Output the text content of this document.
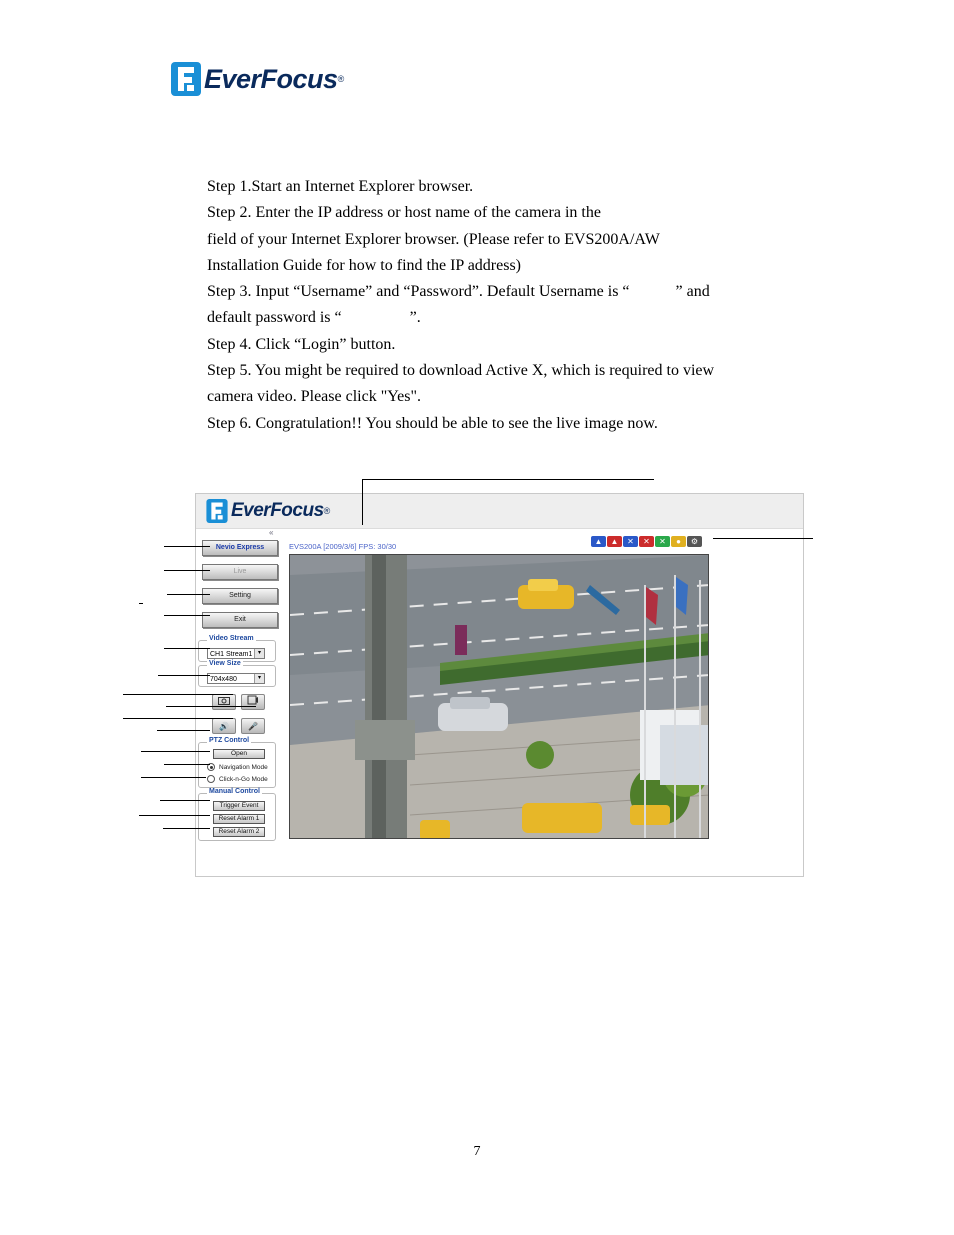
EverFocus ®
Step 1.Start an Internet Explorer browser.
Step 2. Enter the IP address or host name of the camera in the
field of your Internet Explorer browser. (Please refer to EVS200A/AW
Installation Guide for how to find the IP address)
Step 3. Input “Username” and “Password”. Default Username is “	” and
default password is “	”.
Step 4. Click “Login” button.
Step 5. You might be required to download Active X, which is required to view
camera video. Please click "Yes".
Step 6. Congratulation!! You should be able to see the live image now.
EverFocus ®
«
Nevio Express
Live
Setting
Exit
Video Stream
CH1 Stream1 ▾
View Size
704x480	▾
🔊	🎤
PTZ Control
Open
Navigation Mode
Click-n-Go Mode
Manual Control
Trigger Event
Reset Alarm 1
Reset Alarm 2
EVS200A [2009/3/6] FPS: 30/30
▲	▲	✕	✕	✕	●	⚙
7
